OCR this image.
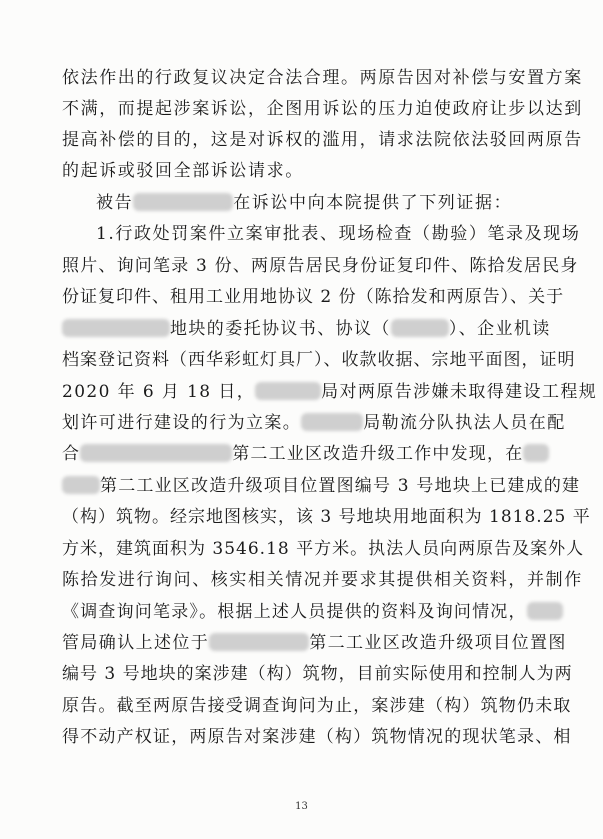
依法作出的行政复议决定合法合理。两原告因对补偿与安置方案
不满，而提起涉案诉讼，企图用诉讼的压力迫使政府让步以达到
提高补偿的目的，这是对诉权的滥用，请求法院依法驳回两原告
的起诉或驳回全部诉讼请求。
被告	在诉讼中向本院提供了下列证据：
1.行政处罚案件立案审批表、现场检查（勘验）笔录及现场
照片、询问笔录 3 份、两原告居民身份证复印件、陈拾发居民身
份证复印件、租用工业用地协议 2 份（陈拾发和两原告）、关于
地块的委托协议书、协议（	）、企业机读
档案登记资料（西华彩虹灯具厂）、收款收据、宗地平面图，证明
2020 年 6 月 18 日，	局对两原告涉嫌未取得建设工程规
划许可进行建设的行为立案。	局勒流分队执法人员在配
合	第二工业区改造升级工作中发现，在
第二工业区改造升级项目位置图编号 3 号地块上已建成的建
（构）筑物。经宗地图核实，该 3 号地块用地面积为 1818.25 平
方米，建筑面积为 3546.18 平方米。执法人员向两原告及案外人
陈拾发进行询问、核实相关情况并要求其提供相关资料，并制作
《调查询问笔录》。根据上述人员提供的资料及询问情况，
管局确认上述位于	第二工业区改造升级项目位置图
编号 3 号地块的案涉建（构）筑物，目前实际使用和控制人为两
原告。截至两原告接受调查询问为止，案涉建（构）筑物仍未取
得不动产权证，两原告对案涉建（构）筑物情况的现状笔录、相
13
